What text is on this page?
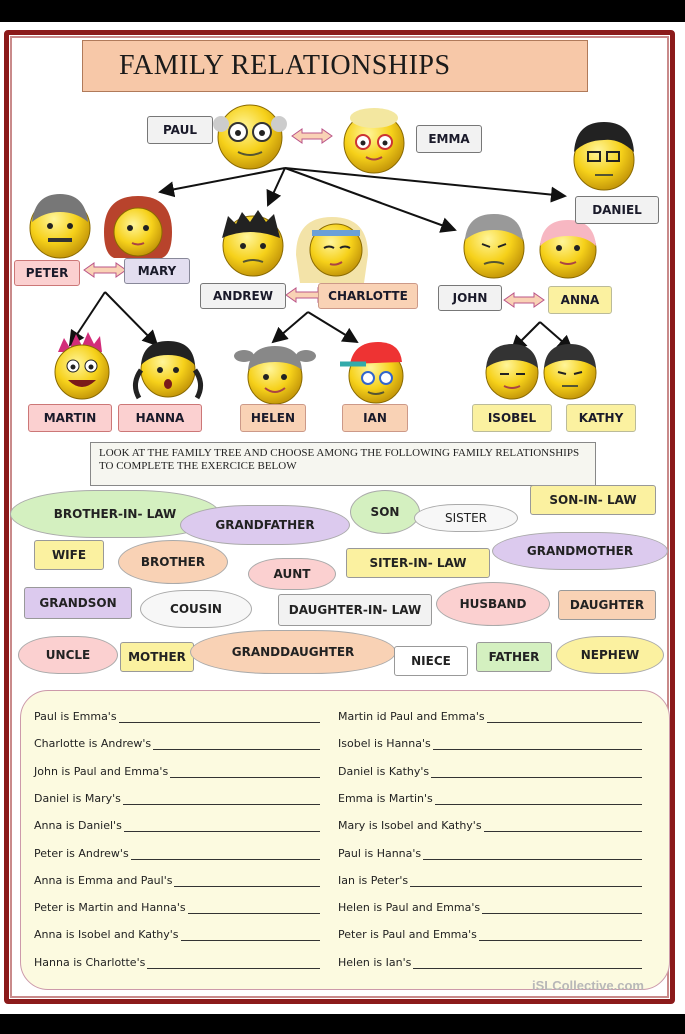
FAMILY RELATIONSHIPS
PAUL
EMMA
DANIEL
PETER	MARY
ANDREW	CHARLOTTE	JOHN	ANNA
MARTIN	HANNA	HELEN	IAN	ISOBEL	KATHY
LOOK AT THE FAMILY TREE AND CHOOSE AMONG THE FOLLOWING FAMILY RELATIONSHIPS TO COMPLETE THE EXERCICE BELOW
BROTHER-IN- LAW
GRANDFATHER
SON	SISTER
SON-IN- LAW
WIFE	BROTHER
AUNT
SITER-IN- LAW
GRANDMOTHER
GRANDSON	COUSIN	DAUGHTER-IN- LAW	HUSBAND	DAUGHTER
UNCLE	MOTHER	GRANDDAUGHTER
NIECE	FATHER	NEPHEW
Paul is Emma's
Charlotte is Andrew's
John is Paul and Emma's
Daniel is Mary's
Anna is Daniel's
Peter is Andrew's
Anna is Emma and Paul's
Peter is Martin and Hanna's
Anna is Isobel and Kathy's
Hanna is Charlotte's
Martin id Paul and Emma's
Isobel is Hanna's
Daniel is Kathy's
Emma is Martin's
Mary is Isobel and Kathy's
Paul is Hanna's
Ian is Peter's
Helen is Paul and Emma's
Peter is Paul and Emma's
Helen is Ian's
iSLCollective.com
